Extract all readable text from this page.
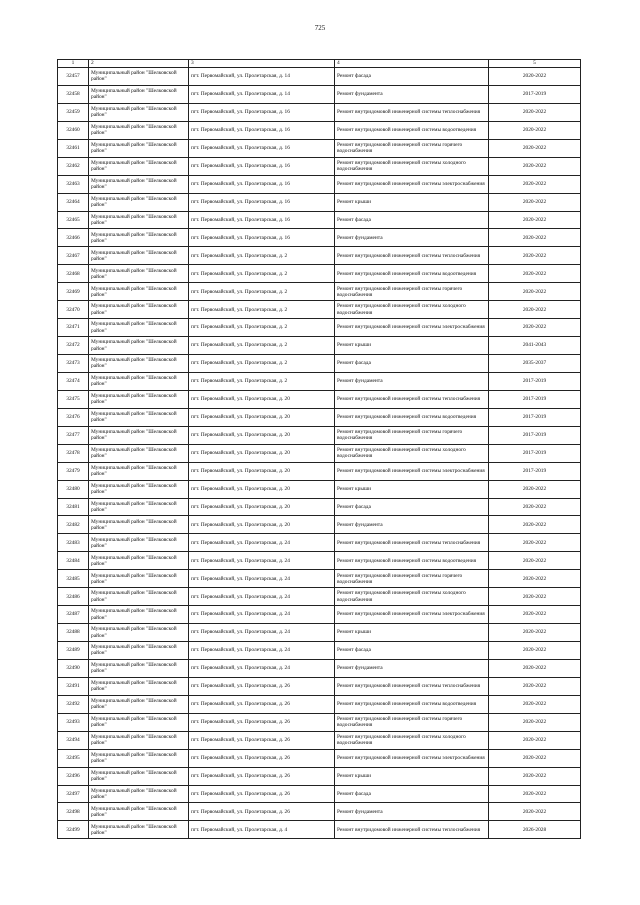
725
1	2	3	4	5
32457	Муниципальный район "Шелковской район"	пгт. Первомайский, ул. Пролетарская, д. 14	Ремонт фасада	2020-2022
32458	Муниципальный район "Шелковской район"	пгт. Первомайский, ул. Пролетарская, д. 14	Ремонт фундамента	2017-2019
32459	Муниципальный район "Шелковской район"	пгт. Первомайский, ул. Пролетарская, д. 16	Ремонт внутридомовой инженерной системы теплоснабжения	2020-2022
32460	Муниципальный район "Шелковской район"	пгт. Первомайский, ул. Пролетарская, д. 16	Ремонт внутридомовой инженерной системы водоотведения	2020-2022
32461	Муниципальный район "Шелковской район"	пгт. Первомайский, ул. Пролетарская, д. 16	Ремонт внутридомовой инженерной системы горячего водоснабжения	2020-2022
32462	Муниципальный район "Шелковской район"	пгт. Первомайский, ул. Пролетарская, д. 16	Ремонт внутридомовой инженерной системы холодного водоснабжения	2020-2022
32463	Муниципальный район "Шелковской район"	пгт. Первомайский, ул. Пролетарская, д. 16	Ремонт внутридомовой инженерной системы электроснабжения	2020-2022
32464	Муниципальный район "Шелковской район"	пгт. Первомайский, ул. Пролетарская, д. 16	Ремонт крыши	2020-2022
32465	Муниципальный район "Шелковской район"	пгт. Первомайский, ул. Пролетарская, д. 16	Ремонт фасада	2020-2022
32466	Муниципальный район "Шелковской район"	пгт. Первомайский, ул. Пролетарская, д. 16	Ремонт фундамента	2020-2022
32467	Муниципальный район "Шелковской район"	пгт. Первомайский, ул. Пролетарская, д. 2	Ремонт внутридомовой инженерной системы теплоснабжения	2020-2022
32468	Муниципальный район "Шелковской район"	пгт. Первомайский, ул. Пролетарская, д. 2	Ремонт внутридомовой инженерной системы водоотведения	2020-2022
32469	Муниципальный район "Шелковской район"	пгт. Первомайский, ул. Пролетарская, д. 2	Ремонт внутридомовой инженерной системы горячего водоснабжения	2020-2022
32470	Муниципальный район "Шелковской район"	пгт. Первомайский, ул. Пролетарская, д. 2	Ремонт внутридомовой инженерной системы холодного водоснабжения	2020-2022
32471	Муниципальный район "Шелковской район"	пгт. Первомайский, ул. Пролетарская, д. 2	Ремонт внутридомовой инженерной системы электроснабжения	2020-2022
32472	Муниципальный район "Шелковской район"	пгт. Первомайский, ул. Пролетарская, д. 2	Ремонт крыши	2041-2043
32473	Муниципальный район "Шелковской район"	пгт. Первомайский, ул. Пролетарская, д. 2	Ремонт фасада	2035-2037
32474	Муниципальный район "Шелковской район"	пгт. Первомайский, ул. Пролетарская, д. 2	Ремонт фундамента	2017-2019
32475	Муниципальный район "Шелковской район"	пгт. Первомайский, ул. Пролетарская, д. 20	Ремонт внутридомовой инженерной системы теплоснабжения	2017-2019
32476	Муниципальный район "Шелковской район"	пгт. Первомайский, ул. Пролетарская, д. 20	Ремонт внутридомовой инженерной системы водоотведения	2017-2019
32477	Муниципальный район "Шелковской район"	пгт. Первомайский, ул. Пролетарская, д. 20	Ремонт внутридомовой инженерной системы горячего водоснабжения	2017-2019
32478	Муниципальный район "Шелковской район"	пгт. Первомайский, ул. Пролетарская, д. 20	Ремонт внутридомовой инженерной системы холодного водоснабжения	2017-2019
32479	Муниципальный район "Шелковской район"	пгт. Первомайский, ул. Пролетарская, д. 20	Ремонт внутридомовой инженерной системы электроснабжения	2017-2019
32480	Муниципальный район "Шелковской район"	пгт. Первомайский, ул. Пролетарская, д. 20	Ремонт крыши	2020-2022
32481	Муниципальный район "Шелковской район"	пгт. Первомайский, ул. Пролетарская, д. 20	Ремонт фасада	2020-2022
32482	Муниципальный район "Шелковской район"	пгт. Первомайский, ул. Пролетарская, д. 20	Ремонт фундамента	2020-2022
32483	Муниципальный район "Шелковской район"	пгт. Первомайский, ул. Пролетарская, д. 24	Ремонт внутридомовой инженерной системы теплоснабжения	2020-2022
32484	Муниципальный район "Шелковской район"	пгт. Первомайский, ул. Пролетарская, д. 24	Ремонт внутридомовой инженерной системы водоотведения	2020-2022
32485	Муниципальный район "Шелковской район"	пгт. Первомайский, ул. Пролетарская, д. 24	Ремонт внутридомовой инженерной системы горячего водоснабжения	2020-2022
32486	Муниципальный район "Шелковской район"	пгт. Первомайский, ул. Пролетарская, д. 24	Ремонт внутридомовой инженерной системы холодного водоснабжения	2020-2022
32487	Муниципальный район "Шелковской район"	пгт. Первомайский, ул. Пролетарская, д. 24	Ремонт внутридомовой инженерной системы электроснабжения	2020-2022
32488	Муниципальный район "Шелковской район"	пгт. Первомайский, ул. Пролетарская, д. 24	Ремонт крыши	2020-2022
32489	Муниципальный район "Шелковской район"	пгт. Первомайский, ул. Пролетарская, д. 24	Ремонт фасада	2020-2022
32490	Муниципальный район "Шелковской район"	пгт. Первомайский, ул. Пролетарская, д. 24	Ремонт фундамента	2020-2022
32491	Муниципальный район "Шелковской район"	пгт. Первомайский, ул. Пролетарская, д. 26	Ремонт внутридомовой инженерной системы теплоснабжения	2020-2022
32492	Муниципальный район "Шелковской район"	пгт. Первомайский, ул. Пролетарская, д. 26	Ремонт внутридомовой инженерной системы водоотведения	2020-2022
32493	Муниципальный район "Шелковской район"	пгт. Первомайский, ул. Пролетарская, д. 26	Ремонт внутридомовой инженерной системы горячего водоснабжения	2020-2022
32494	Муниципальный район "Шелковской район"	пгт. Первомайский, ул. Пролетарская, д. 26	Ремонт внутридомовой инженерной системы холодного водоснабжения	2020-2022
32495	Муниципальный район "Шелковской район"	пгт. Первомайский, ул. Пролетарская, д. 26	Ремонт внутридомовой инженерной системы электроснабжения	2020-2022
32496	Муниципальный район "Шелковской район"	пгт. Первомайский, ул. Пролетарская, д. 26	Ремонт крыши	2020-2022
32497	Муниципальный район "Шелковской район"	пгт. Первомайский, ул. Пролетарская, д. 26	Ремонт фасада	2020-2022
32498	Муниципальный район "Шелковской район"	пгт. Первомайский, ул. Пролетарская, д. 26	Ремонт фундамента	2020-2022
32499	Муниципальный район "Шелковской район"	пгт. Первомайский, ул. Пролетарская, д. 4	Ремонт внутридомовой инженерной системы теплоснабжения	2026-2028
